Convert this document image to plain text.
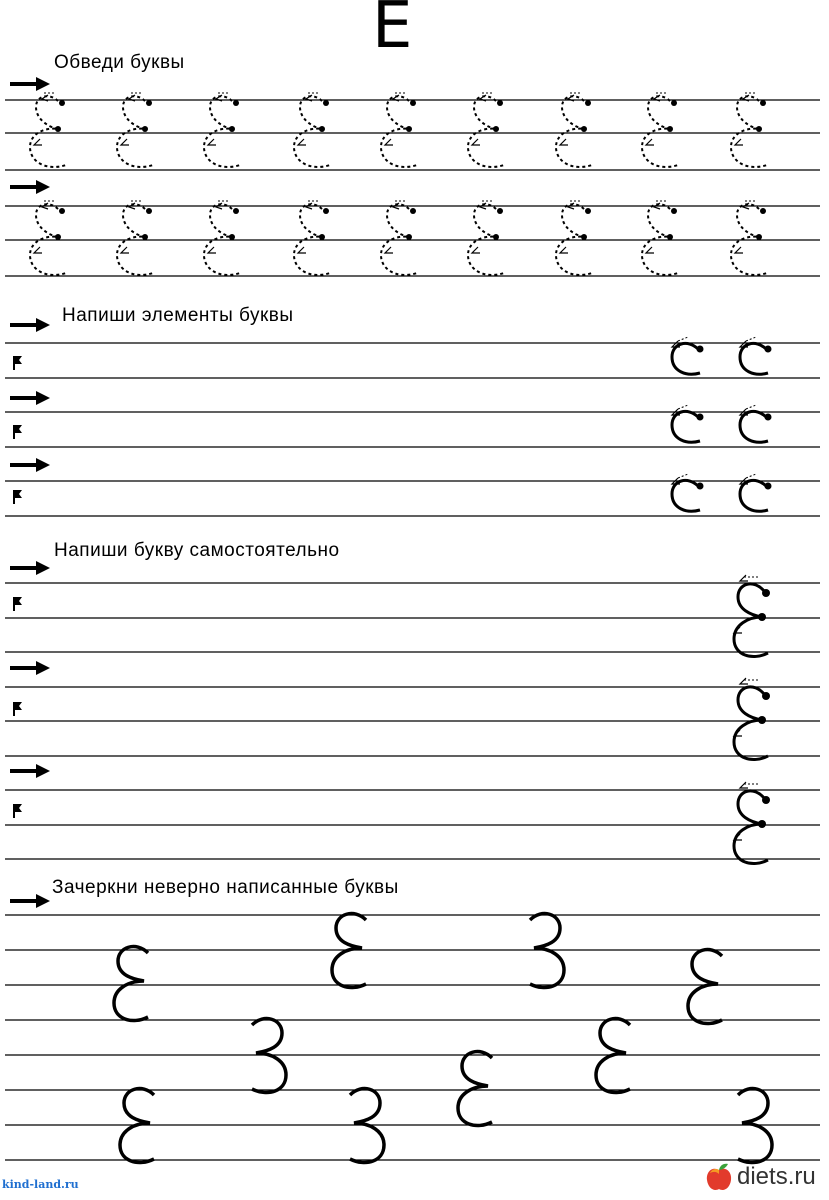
Е
Обведи буквы
Напиши элементы буквы
Напиши букву самостоятельно
Зачеркни неверно написанные буквы
kind-land.ru	diets.ru
